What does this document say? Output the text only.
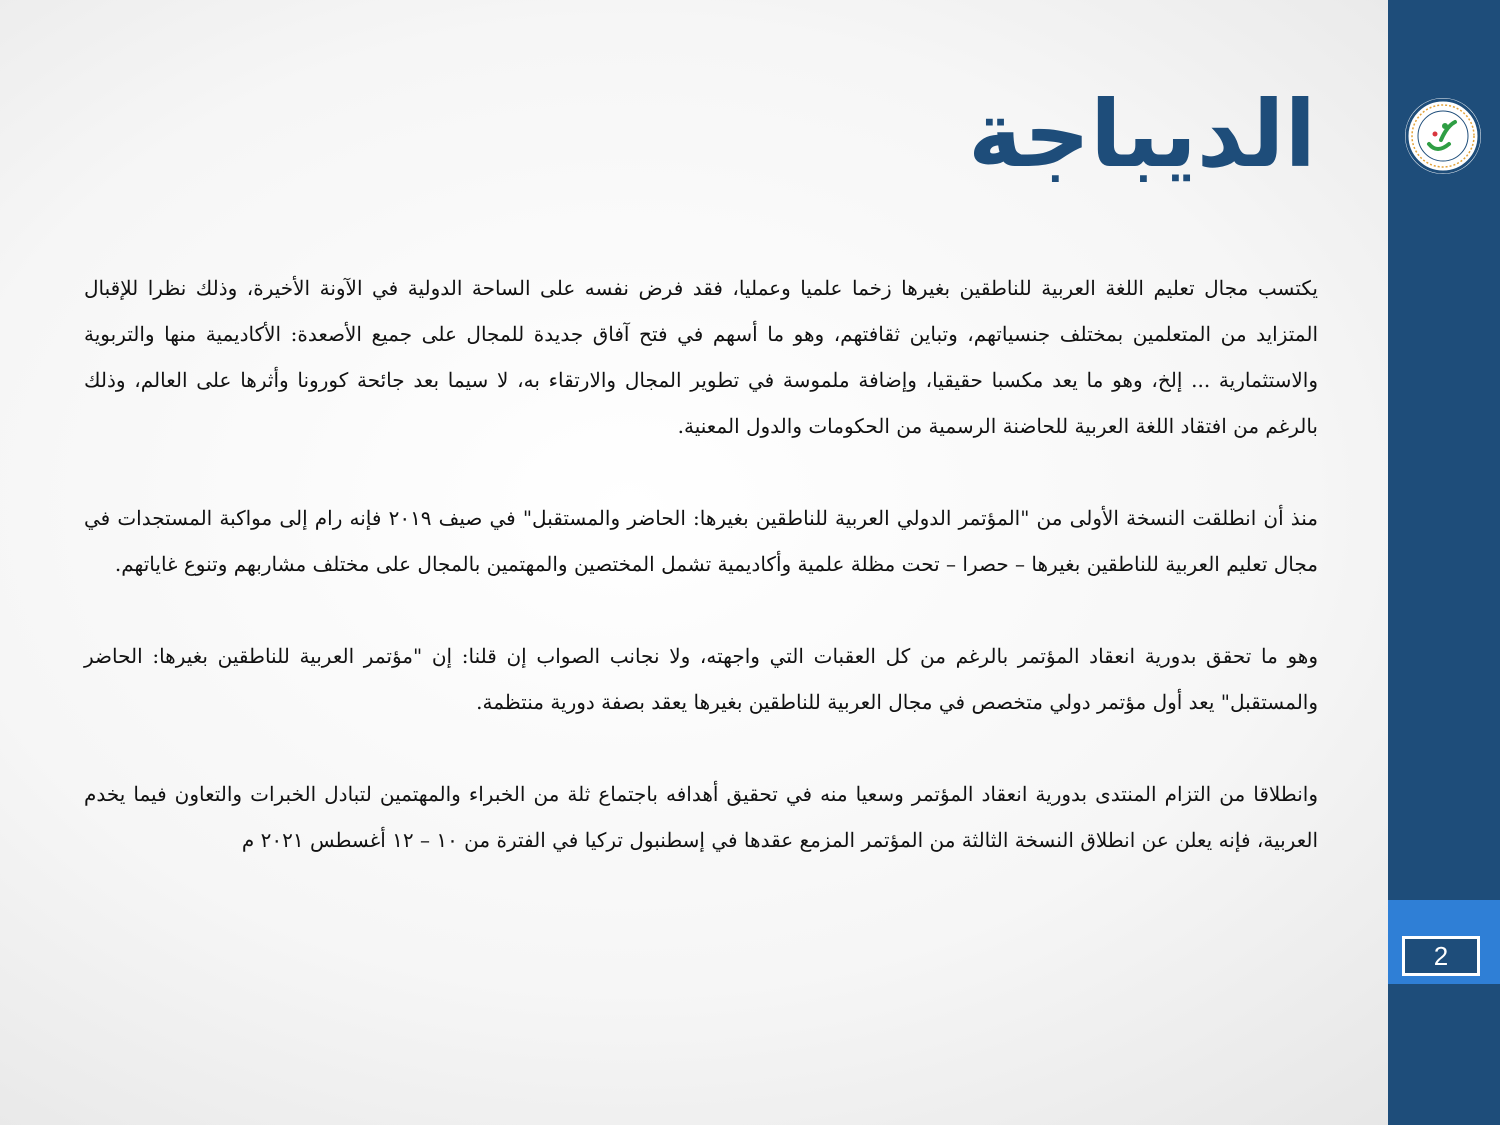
الديباجة

يكتسب مجال تعليم اللغة العربية للناطقين بغيرها زخما علميا وعمليا، فقد فرض نفسه على الساحة الدولية في الآونة الأخيرة، وذلك نظرا للإقبال المتزايد من المتعلمين بمختلف جنسياتهم، وتباين ثقافتهم، وهو ما أسهم في فتح آفاق جديدة للمجال على جميع الأصعدة: الأكاديمية منها والتربوية والاستثمارية ... إلخ، وهو ما يعد مكسبا حقيقيا، وإضافة ملموسة في تطوير المجال والارتقاء به، لا سيما بعد جائحة كورونا وأثرها على العالم، وذلك بالرغم من افتقاد اللغة العربية للحاضنة الرسمية من الحكومات والدول المعنية.

منذ أن انطلقت النسخة الأولى من "المؤتمر الدولي العربية للناطقين بغيرها: الحاضر والمستقبل" في صيف ٢٠١٩ فإنه رام إلى مواكبة المستجدات في مجال تعليم العربية للناطقين بغيرها – حصرا – تحت مظلة علمية وأكاديمية تشمل المختصين والمهتمين بالمجال على مختلف مشاربهم وتنوع غاياتهم.

وهو ما تحقق بدورية انعقاد المؤتمر بالرغم من كل العقبات التي واجهته، ولا نجانب الصواب إن قلنا: إن "مؤتمر العربية للناطقين بغيرها: الحاضر والمستقبل" يعد أول مؤتمر دولي متخصص في مجال العربية للناطقين بغيرها يعقد بصفة دورية منتظمة.

وانطلاقا من التزام المنتدى بدورية انعقاد المؤتمر وسعيا منه في تحقيق أهدافه باجتماع ثلة من الخبراء والمهتمين لتبادل الخبرات والتعاون فيما يخدم العربية، فإنه يعلن عن انطلاق النسخة الثالثة من المؤتمر المزمع عقدها في إسطنبول تركيا في الفترة من ١٠ – ١٢ أغسطس ٢٠٢١ م

2
